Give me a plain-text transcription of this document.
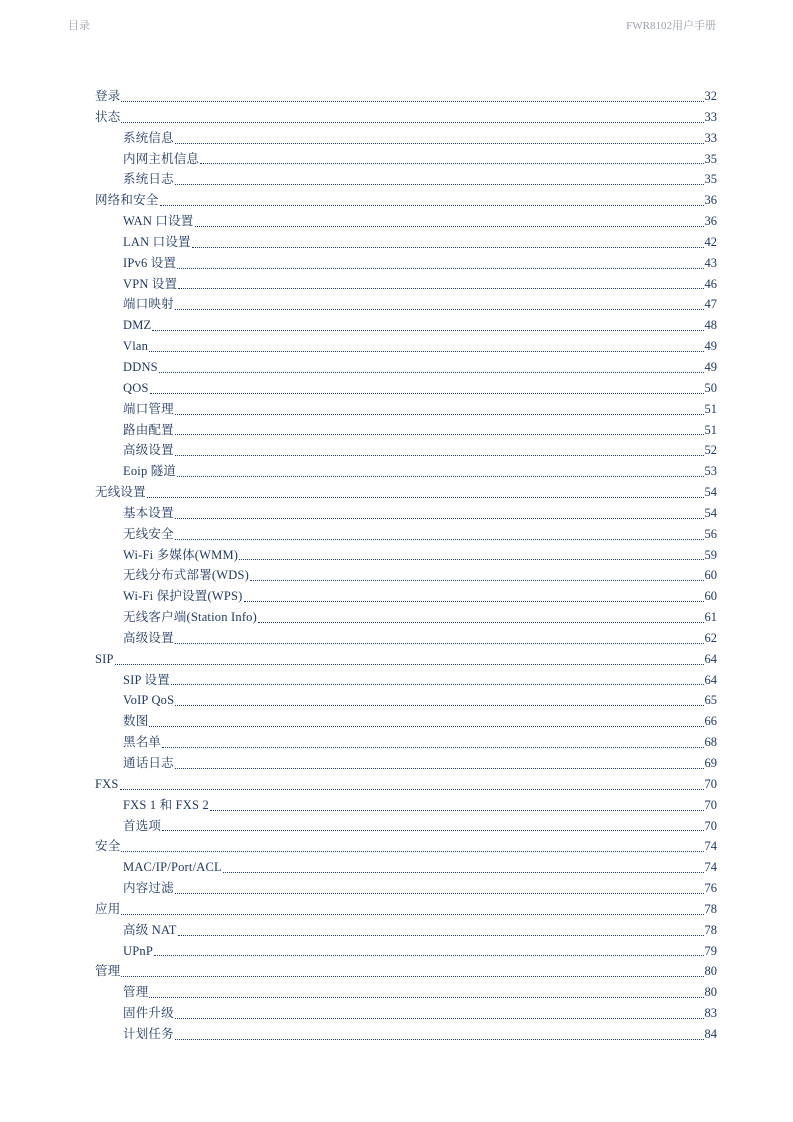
目录	FWR8102用户手册
登录	32
状态	33
系统信息	33
内网主机信息	35
系统日志	35
网络和安全	36
WAN 口设置	36
LAN 口设置	42
IPv6 设置	43
VPN 设置	46
端口映射	47
DMZ	48
Vlan	49
DDNS	49
QOS	50
端口管理	51
路由配置	51
高级设置	52
Eoip 隧道	53
无线设置	54
基本设置	54
无线安全	56
Wi-Fi 多媒体(WMM)	59
无线分布式部署(WDS)	60
Wi-Fi 保护设置(WPS)	60
无线客户端(Station Info)	61
高级设置	62
SIP	64
SIP 设置	64
VoIP QoS	65
数图	66
黑名单	68
通话日志	69
FXS	70
FXS 1 和 FXS 2	70
首选项	70
安全	74
MAC/IP/Port/ACL	74
内容过滤	76
应用	78
高级 NAT	78
UPnP	79
管理	80
管理	80
固件升级	83
计划任务	84
